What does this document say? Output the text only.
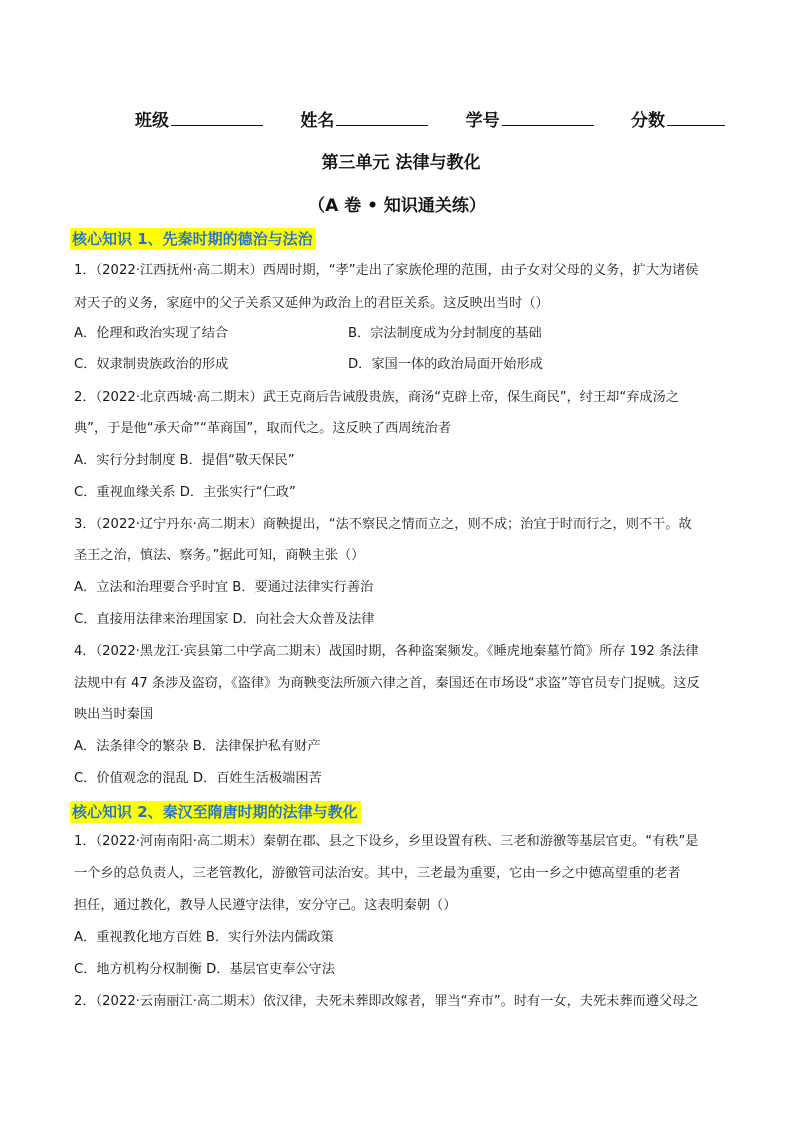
班级	姓名	学号	分数
第三单元 法律与教化
（A 卷 • 知识通关练）
核心知识 1、先秦时期的德治与法治
1．（2022·江西抚州·高二期末）西周时期，“孝”走出了家族伦理的范围，由子女对父母的义务，扩大为诸侯
对天子的义务，家庭中的父子关系又延伸为政治上的君臣关系。这反映出当时（）
A．伦理和政治实现了结合	B．宗法制度成为分封制度的基础
C．奴隶制贵族政治的形成	D．家国一体的政治局面开始形成
2．（2022·北京西城·高二期末）武王克商后告诫殷贵族，商汤“克辟上帝，保生商民”，纣王却“弃成汤之
典”，于是他“承天命”“革商国”，取而代之。这反映了西周统治者
A．实行分封制度 B．提倡“敬天保民”
C．重视血缘关系 D．主张实行“仁政”
3．（2022·辽宁丹东·高二期末）商鞅提出，“法不察民之情而立之，则不成；治宜于时而行之，则不干。故
圣王之治，慎法、察务。”据此可知，商鞅主张（）
A．立法和治理要合乎时宜 B．要通过法律实行善治
C．直接用法律来治理国家 D．向社会大众普及法律
4．（2022·黑龙江·宾县第二中学高二期末）战国时期，各种盗案频发。《睡虎地秦墓竹简》所存 192 条法律
法规中有 47 条涉及盗窃，《盗律》为商鞅变法所颁六律之首，秦国还在市场设“求盗”等官员专门捉贼。这反
映出当时秦国
A．法条律令的繁杂 B．法律保护私有财产
C．价值观念的混乱 D．百姓生活极端困苦
核心知识 2、秦汉至隋唐时期的法律与教化
1．（2022·河南南阳·高二期末）秦朝在郡、县之下设乡，乡里设置有秩、三老和游徼等基层官吏。“有秩”是
一个乡的总负责人，三老管教化，游徼管司法治安。其中，三老最为重要，它由一乡之中德高望重的老者
担任，通过教化，教导人民遵守法律，安分守己。这表明秦朝（）
A．重视教化地方百姓 B．实行外法内儒政策
C．地方机构分权制衡 D．基层官吏奉公守法
2．（2022·云南丽江·高二期末）依汉律，夫死未葬即改嫁者，罪当“弃市”。时有一女，夫死未葬而遵父母之
